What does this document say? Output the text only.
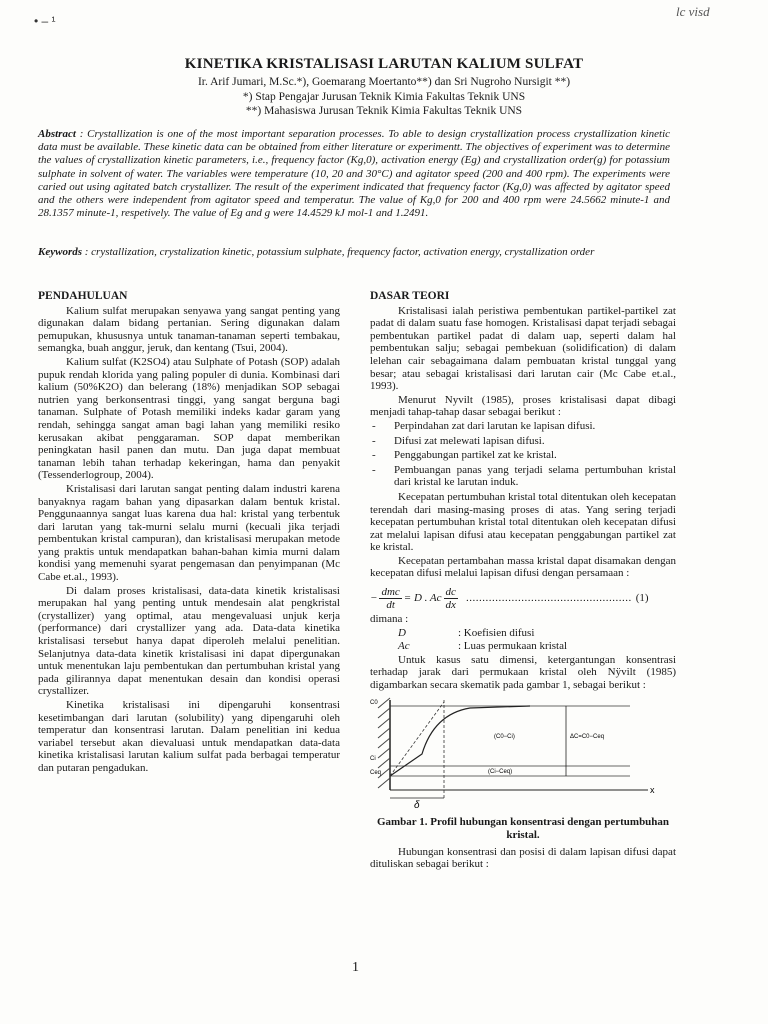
• – ¹
lc visd
KINETIKA KRISTALISASI LARUTAN KALIUM SULFAT
Ir. Arif Jumari, M.Sc.*), Goemarang Moertanto**) dan Sri Nugroho Nursigit **)
*) Stap Pengajar Jurusan Teknik Kimia Fakultas Teknik UNS
**) Mahasiswa Jurusan Teknik Kimia Fakultas Teknik UNS
Abstract : Crystallization is one of the most important separation processes. To able to design crystallization process crystallization kinetic data must be available. These kinetic data can be obtained from either literature or experimentt. The objectives of experiment was to determine the values of crystallization kinetic parameters, i.e., frequency factor (Kg,0), activation energy (Eg) and crystallization order(g) for potassium sulphate in solvent of water. The variables were temperature (10, 20 and 30°C) and agitator speed (200 and 400 rpm). The experiments were caried out using agitated batch crystallizer. The result of the experiment indicated that frequency factor (Kg,0) was affected by agitator speed and the others were independent from agitator speed and temperatur. The value of Kg,0 for 200 and 400 rpm were 24.5662 minute-1 and 28.1357 minute-1, respetively. The value of Eg and g were 14.4529 kJ mol-1 and 1.2491.
Keywords : crystallization, crystalization kinetic, potassium sulphate, frequency factor, activation energy, crystallization order
PENDAHULUAN

Kalium sulfat merupakan senyawa yang sangat penting yang digunakan dalam bidang pertanian. Sering digunakan dalam pemupukan, khususnya untuk tanaman-tanaman seperti tembakau, semangka, buah anggur, jeruk, dan kentang (Tsui, 2004).

Kalium sulfat (K2SO4) atau Sulphate of Potash (SOP) adalah pupuk rendah klorida yang paling populer di dunia. Kombinasi dari kalium (50%K2O) dan belerang (18%) menjadikan SOP sebagai nutrien yang berkonsentrasi tinggi, yang sangat berguna bagi tanaman. Sulphate of Potash memiliki indeks kadar garam yang rendah, sehingga sangat aman bagi lahan yang memiliki resiko kerusakan akibat penggaraman. SOP dapat memberikan peningkatan hasil panen dan mutu. Dan juga dapat membuat tanaman lebih tahan terhadap kekeringan, hama dan penyakit (Tessenderlogroup, 2004).

Kristalisasi dari larutan sangat penting dalam industri karena banyaknya ragam bahan yang dipasarkan dalam bentuk kristal. Penggunaannya sangat luas karena dua hal: kristal yang terbentuk dari larutan yang tak-murni selalu murni (kecuali jika terjadi pembentukan kristal campuran), dan kristalisasi merupakan metode yang praktis untuk mendapatkan bahan-bahan kimia murni dalam kondisi yang memenuhi syarat pengemasan dan penyimpanan (Mc Cabe et.al., 1993).

Di dalam proses kristalisasi, data-data kinetik kristalisasi merupakan hal yang penting untuk mendesain alat pengkristal (crystallizer) yang optimal, atau mengevaluasi unjuk kerja (performance) dari crystallizer yang ada. Data-data kinetika kristalisasi tersebut hanya dapat diperoleh melalui penelitian. Selanjutnya data-data kinetik kristalisasi ini dapat dipergunakan untuk menentukan laju pembentukan dan pertumbuhan kristal yang pada gilirannya dapat menentukan desain dan kondisi operasi crystallizer.

Kinetika kristalisasi ini dipengaruhi konsentrasi kesetimbangan dari larutan (solubility) yang dipengaruhi oleh temperatur dan konsentrasi larutan. Dalam penelitian ini kedua variabel tersebut akan dievaluasi untuk mendapatkan data-data kinetika kristalisasi larutan kalium sulfat pada berbagai temperatur dan putaran pengadukan.

DASAR TEORI

Kristalisasi ialah peristiwa pembentukan partikel-partikel zat padat di dalam suatu fase homogen. Kristalisasi dapat terjadi sebagai pembentukan partikel padat di dalam uap, seperti dalam hal pembentukan salju; sebagai pembekuan (solidification) di dalam lelehan cair sebagaimana dalam pembuatan kristal tunggal yang besar; atau sebagai kristalisasi dari larutan cair (Mc Cabe et.al., 1993).

Menurut Nyvilt (1985), proses kristalisasi dapat dibagi menjadi tahap-tahap dasar sebagai berikut :

- Perpindahan zat dari larutan ke lapisan difusi.
- Difusi zat melewati lapisan difusi.
- Penggabungan partikel zat ke kristal.
- Pembuangan panas yang terjadi selama pertumbuhan kristal dari kristal ke larutan induk.

Kecepatan pertumbuhan kristal total ditentukan oleh kecepatan terendah dari masing-masing proses di atas. Yang sering terjadi kecepatan pertumbuhan kristal total ditentukan oleh kecepatan difusi zat melalui lapisan difusi atau kecepatan penggabungan partikel zat ke kristal.

Kecepatan pertambahan massa kristal dapat disamakan dengan kecepatan difusi melalui lapisan difusi dengan persamaan :

− $\frac{\text{dmc}}{dt} = D$ . Ac $\frac{dc}{dx}$ ................................................... (1)
dimana :
D	: Koefisien difusi
Ac	: Luas permukaan kristal

Untuk kasus satu dimensi, ketergantungan konsentrasi terhadap jarak dari permukaan kristal oleh Nÿvilt (1985) digambarkan secara skematik pada gambar 1, sebagai berikut :

x
δ
ΔC=C0−Ceq
(C0−Ci)
(Ci−Ceq)
C0
Ci
Ceq
Gambar 1. Profil hubungan konsentrasi dengan pertumbuhan kristal.

Hubungan konsentrasi dan posisi di dalam lapisan difusi dapat dituliskan sebagai berikut :

1
